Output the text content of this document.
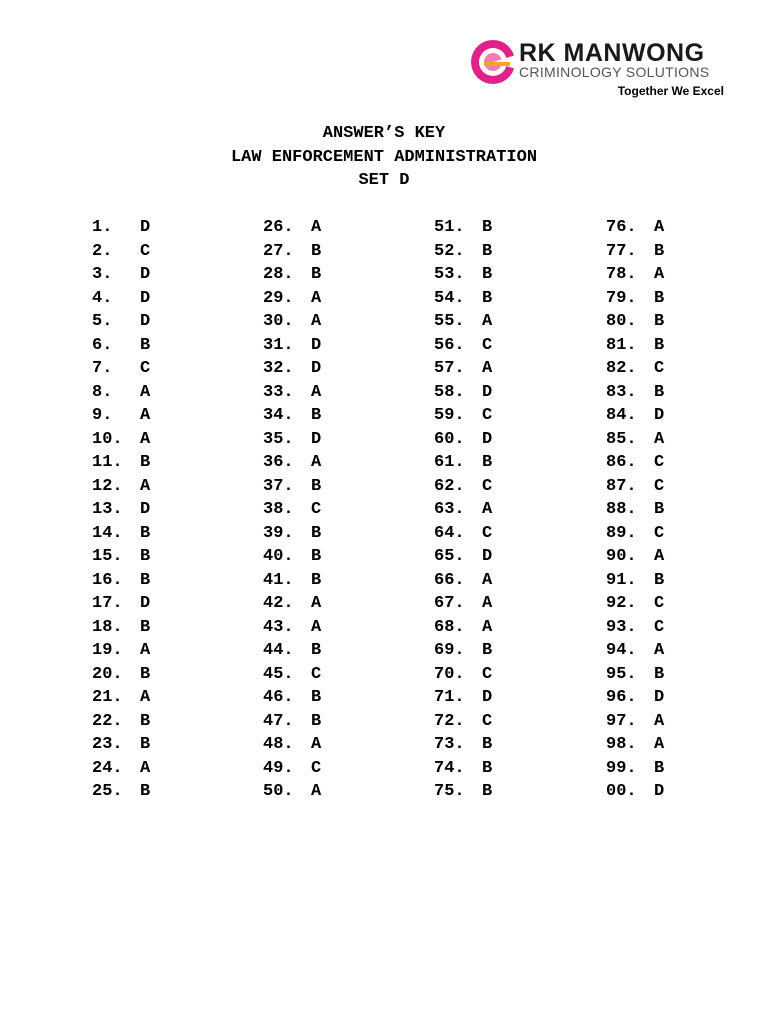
RK MANWONG
CRIMINOLOGY SOLUTIONS
Together We Excel
ANSWER’S KEY
LAW ENFORCEMENT ADMINISTRATION
SET D
1. D
2. C
3. D
4. D
5. D
6. B
7. C
8. A
9. A
10. A
11. B
12. A
13. D
14. B
15. B
16. B
17. D
18. B
19. A
20. B
21. A
22. B
23. B
24. A
25. B
26. A
27. B
28. B
29. A
30. A
31. D
32. D
33. A
34. B
35. D
36. A
37. B
38. C
39. B
40. B
41. B
42. A
43. A
44. B
45. C
46. B
47. B
48. A
49. C
50. A
51. B
52. B
53. B
54. B
55. A
56. C
57. A
58. D
59. C
60. D
61. B
62. C
63. A
64. C
65. D
66. A
67. A
68. A
69. B
70. C
71. D
72. C
73. B
74. B
75. B
76. A
77. B
78. A
79. B
80. B
81. B
82. C
83. B
84. D
85. A
86. C
87. C
88. B
89. C
90. A
91. B
92. C
93. C
94. A
95. B
96. D
97. A
98. A
99. B
00. D
